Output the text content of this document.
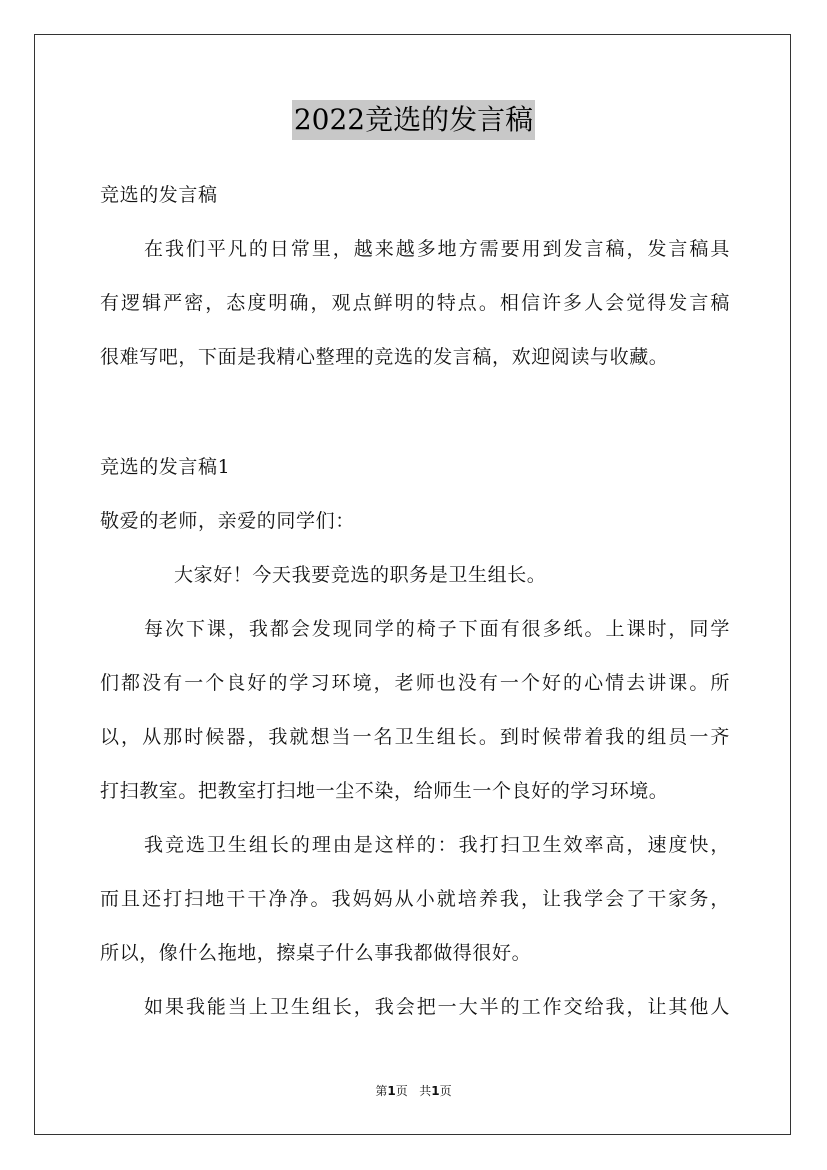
2022竞选的发言稿
竞选的发言稿
在我们平凡的日常里，越来越多地方需要用到发言稿，发言稿具
有逻辑严密，态度明确，观点鲜明的特点。相信许多人会觉得发言稿
很难写吧，下面是我精心整理的竞选的发言稿，欢迎阅读与收藏。
竞选的发言稿1
敬爱的老师，亲爱的同学们：
大家好！今天我要竞选的职务是卫生组长。
每次下课，我都会发现同学的椅子下面有很多纸。上课时，同学
们都没有一个良好的学习环境，老师也没有一个好的心情去讲课。所
以，从那时候器，我就想当一名卫生组长。到时候带着我的组员一齐
打扫教室。把教室打扫地一尘不染，给师生一个良好的学习环境。
我竞选卫生组长的理由是这样的：我打扫卫生效率高，速度快，
而且还打扫地干干净净。我妈妈从小就培养我，让我学会了干家务，
所以，像什么拖地，擦桌子什么事我都做得很好。
如果我能当上卫生组长，我会把一大半的工作交给我，让其他人
第1页 共1页
